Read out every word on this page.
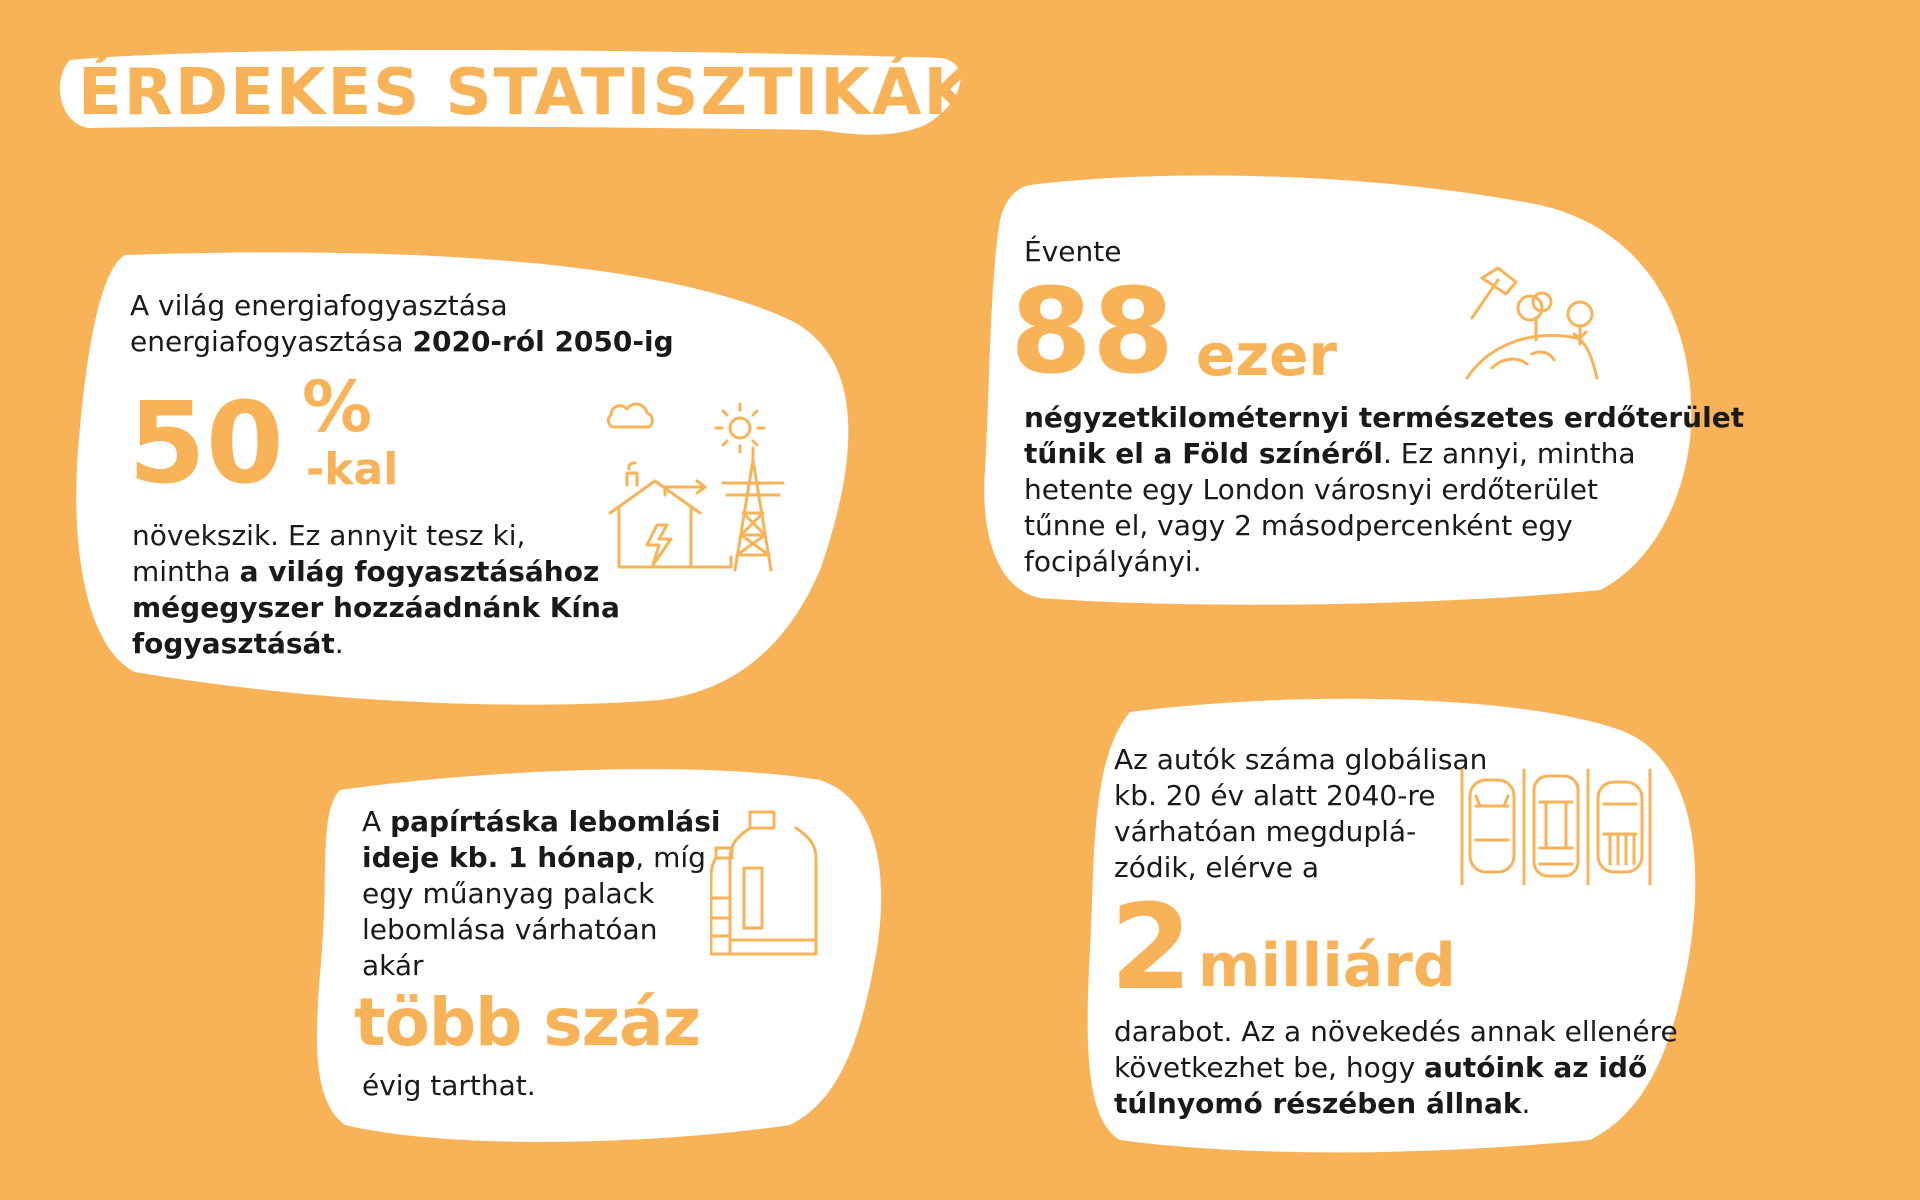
ÉRDEKES STATISZTIKÁK
A világ energiafogyasztása
energiafogyasztása 2020-ról 2050-ig
50 %
-kal
növekszik. Ez annyit tesz ki,
mintha a világ fogyasztásához
mégegyszer hozzáadnánk Kína
fogyasztását.
Évente
88 ezer
négyzetkilométernyi természetes erdőterület
tűnik el a Föld színéről. Ez annyi, mintha
hetente egy London városnyi erdőterület
tűnne el, vagy 2 másodpercenként egy
focipályányi.
A papírtáska lebomlási
ideje kb. 1 hónap, míg
egy műanyag palack
lebomlása várhatóan
akár
több száz
évig tarthat.
Az autók száma globálisan
kb. 20 év alatt 2040-re
várhatóan megduplá-
zódik, elérve a
2 milliárd
darabot. Az a növekedés annak ellenére
következhet be, hogy autóink az idő
túlnyomó részében állnak.
